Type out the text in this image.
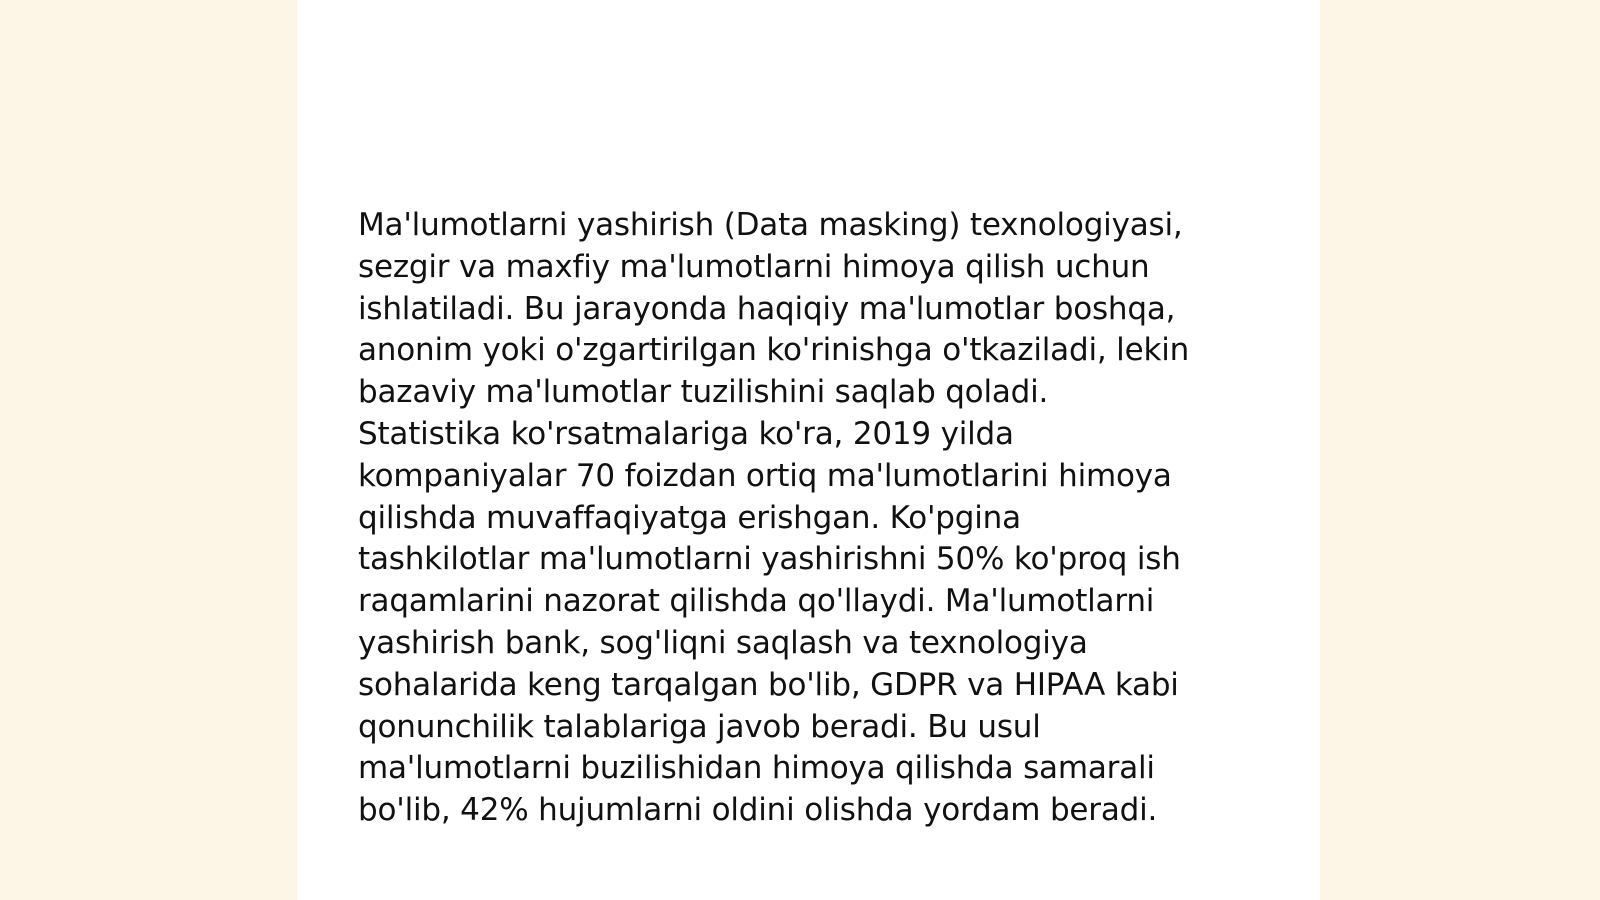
Ma'lumotlarni yashirish (Data masking) texnologiyasi,
sezgir va maxfiy ma'lumotlarni himoya qilish uchun
ishlatiladi. Bu jarayonda haqiqiy ma'lumotlar boshqa,
anonim yoki o'zgartirilgan ko'rinishga o'tkaziladi, lekin
bazaviy ma'lumotlar tuzilishini saqlab qoladi.
Statistika ko'rsatmalariga ko'ra, 2019 yilda
kompaniyalar 70 foizdan ortiq ma'lumotlarini himoya
qilishda muvaffaqiyatga erishgan. Ko'pgina
tashkilotlar ma'lumotlarni yashirishni 50% ko'proq ish
raqamlarini nazorat qilishda qo'llaydi. Ma'lumotlarni
yashirish bank, sog'liqni saqlash va texnologiya
sohalarida keng tarqalgan bo'lib, GDPR va HIPAA kabi
qonunchilik talablariga javob beradi. Bu usul
ma'lumotlarni buzilishidan himoya qilishda samarali
bo'lib, 42% hujumlarni oldini olishda yordam beradi.
